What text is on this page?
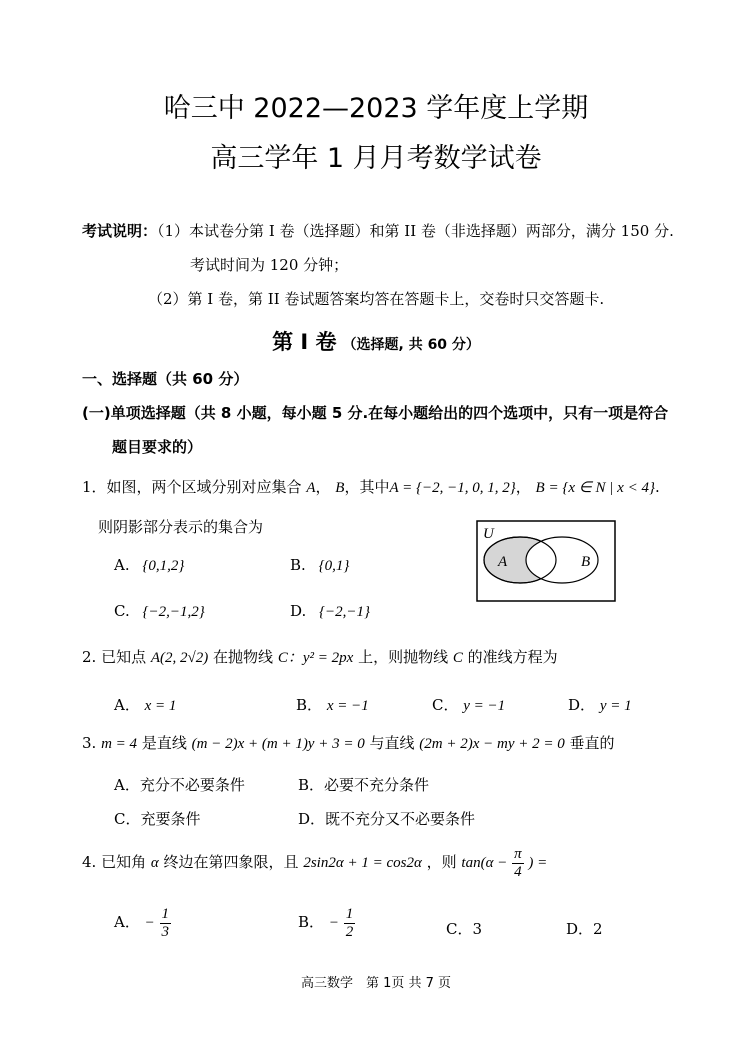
哈三中 2022—2023 学年度上学期
高三学年 1 月月考数学试卷
考试说明：（1）本试卷分第 I 卷（选择题）和第 II 卷（非选择题）两部分，满分 150 分.
考试时间为 120 分钟；
（2）第 I 卷，第 II 卷试题答案均答在答题卡上，交卷时只交答题卡.
第 I 卷 （选择题, 共 60 分）
一、选择题（共 60 分）
(一)单项选择题（共 8 小题，每小题 5 分.在每小题给出的四个选项中，只有一项是符合
题目要求的）
1．如图，两个区域分别对应集合 A， B，其中A = {−2, −1, 0, 1, 2}， B = {x ∈ N | x < 4}.
则阴影部分表示的集合为
A. {0,1,2}	B. {0,1}
C. {−2,−1,2}	D. {−2,−1}
U
A	B
2. 已知点 A(2, 2√2) 在抛物线 C：y² = 2px 上，则抛物线 C 的准线方程为
A． x = 1	B． x = −1	C． y = −1	D． y = 1
3. m = 4 是直线 (m − 2)x + (m + 1)y + 3 = 0 与直线 (2m + 2)x − my + 2 = 0 垂直的
A．充分不必要条件	B．必要不充分条件
C．充要条件	D．既不充分又不必要条件
4. 已知角 α 终边在第四象限，且 2sin2α + 1 = cos2α ，则 $\tan(\alpha - \frac{\pi}{4}$ ) =
A． − $\frac{1}{3}$	B． − $\frac{1}{2}$	C．3	D．2
高三数学　第 1页 共 7 页
